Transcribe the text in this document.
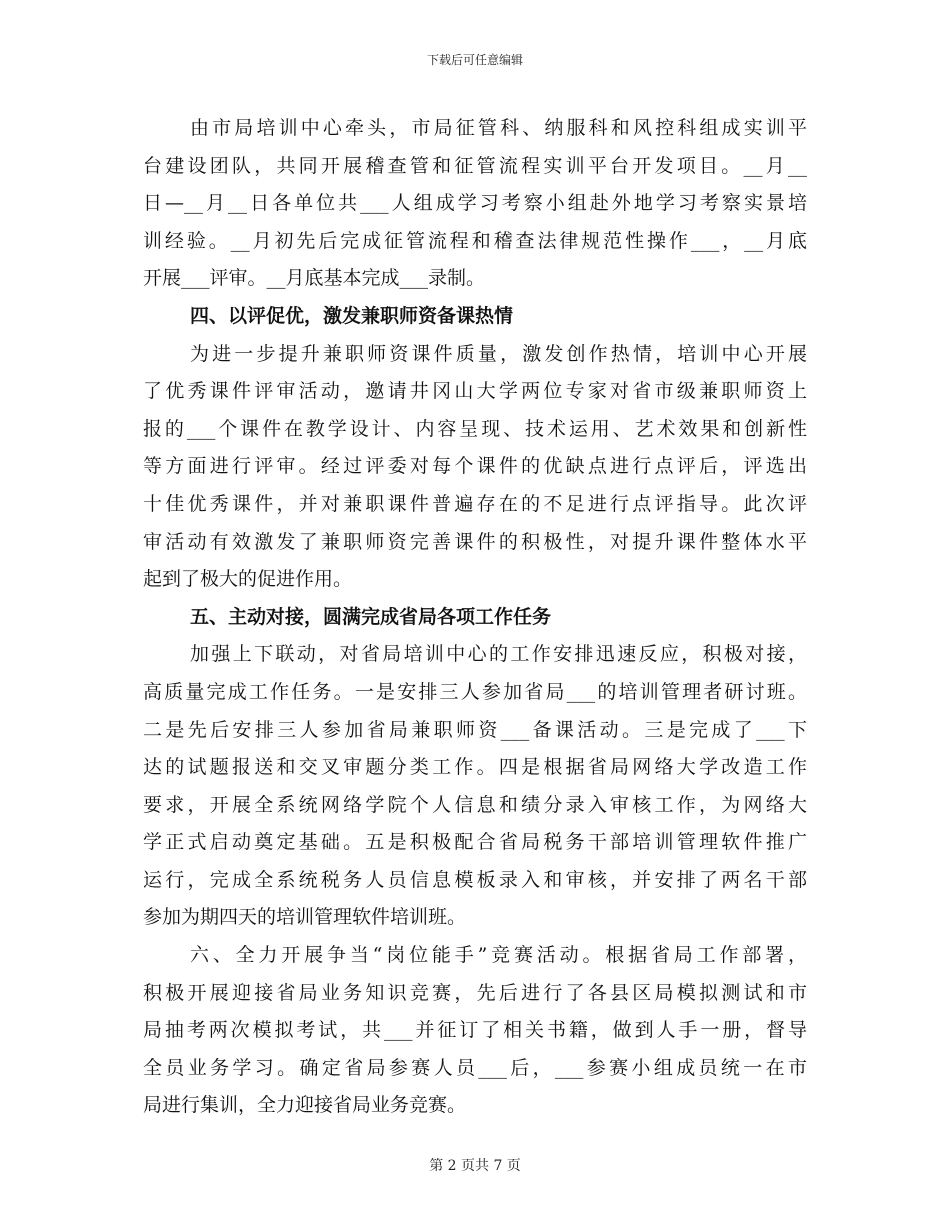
下载后可任意编辑
由市局培训中心牵头，市局征管科、纳服科和风控科组成实训平
台建设团队，共同开展稽查管和征管流程实训平台开发项目。__月__
日—__月__日各单位共___人组成学习考察小组赴外地学习考察实景培
训经验。__月初先后完成征管流程和稽查法律规范性操作___，__月底
开展___评审。__月底基本完成___录制。
四、以评促优，激发兼职师资备课热情
为进一步提升兼职师资课件质量，激发创作热情，培训中心开展
了优秀课件评审活动，邀请井冈山大学两位专家对省市级兼职师资上
报的___个课件在教学设计、内容呈现、技术运用、艺术效果和创新性
等方面进行评审。经过评委对每个课件的优缺点进行点评后，评选出
十佳优秀课件，并对兼职课件普遍存在的不足进行点评指导。此次评
审活动有效激发了兼职师资完善课件的积极性，对提升课件整体水平
起到了极大的促进作用。
五、主动对接，圆满完成省局各项工作任务
加强上下联动，对省局培训中心的工作安排迅速反应，积极对接，
高质量完成工作任务。一是安排三人参加省局___的培训管理者研讨班。
二是先后安排三人参加省局兼职师资___备课活动。三是完成了___下
达的试题报送和交叉审题分类工作。四是根据省局网络大学改造工作
要求，开展全系统网络学院个人信息和绩分录入审核工作，为网络大
学正式启动奠定基础。五是积极配合省局税务干部培训管理软件推广
运行，完成全系统税务人员信息模板录入和审核，并安排了两名干部
参加为期四天的培训管理软件培训班。
六、全力开展争当“岗位能手”竞赛活动。根据省局工作部署，
积极开展迎接省局业务知识竞赛，先后进行了各县区局模拟测试和市
局抽考两次模拟考试，共___并征订了相关书籍，做到人手一册，督导
全员业务学习。确定省局参赛人员___后，___参赛小组成员统一在市
局进行集训，全力迎接省局业务竞赛。
第 2 页共 7 页
